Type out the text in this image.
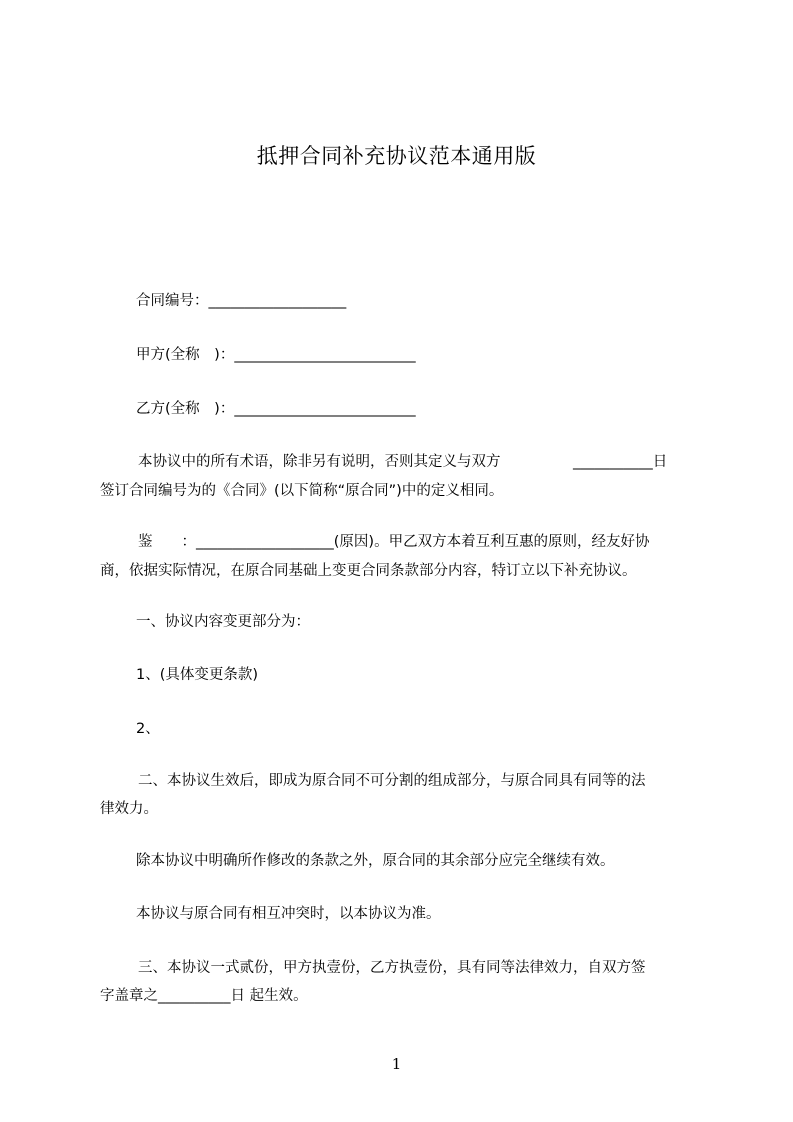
抵押合同补充协议范本通用版
合同编号：___________________
甲方(全称　)：_________________________
乙方(全称　)：_________________________
本协议中的所有术语，除非另有说明，否则其定义与双方　　　　　___________日
签订合同编号为的《合同》(以下简称“原合同”)中的定义相同。
鉴　　：___________________(原因)。甲乙双方本着互利互惠的原则，经友好协
商，依据实际情况，在原合同基础上变更合同条款部分内容，特订立以下补充协议。
一、协议内容变更部分为：
1、(具体变更条款)
2、
二、本协议生效后，即成为原合同不可分割的组成部分，与原合同具有同等的法
律效力。
除本协议中明确所作修改的条款之外，原合同的其余部分应完全继续有效。
本协议与原合同有相互冲突时，以本协议为准。
三、本协议一式贰份，甲方执壹份，乙方执壹份，具有同等法律效力，自双方签
字盖章之__________日 起生效。
1
